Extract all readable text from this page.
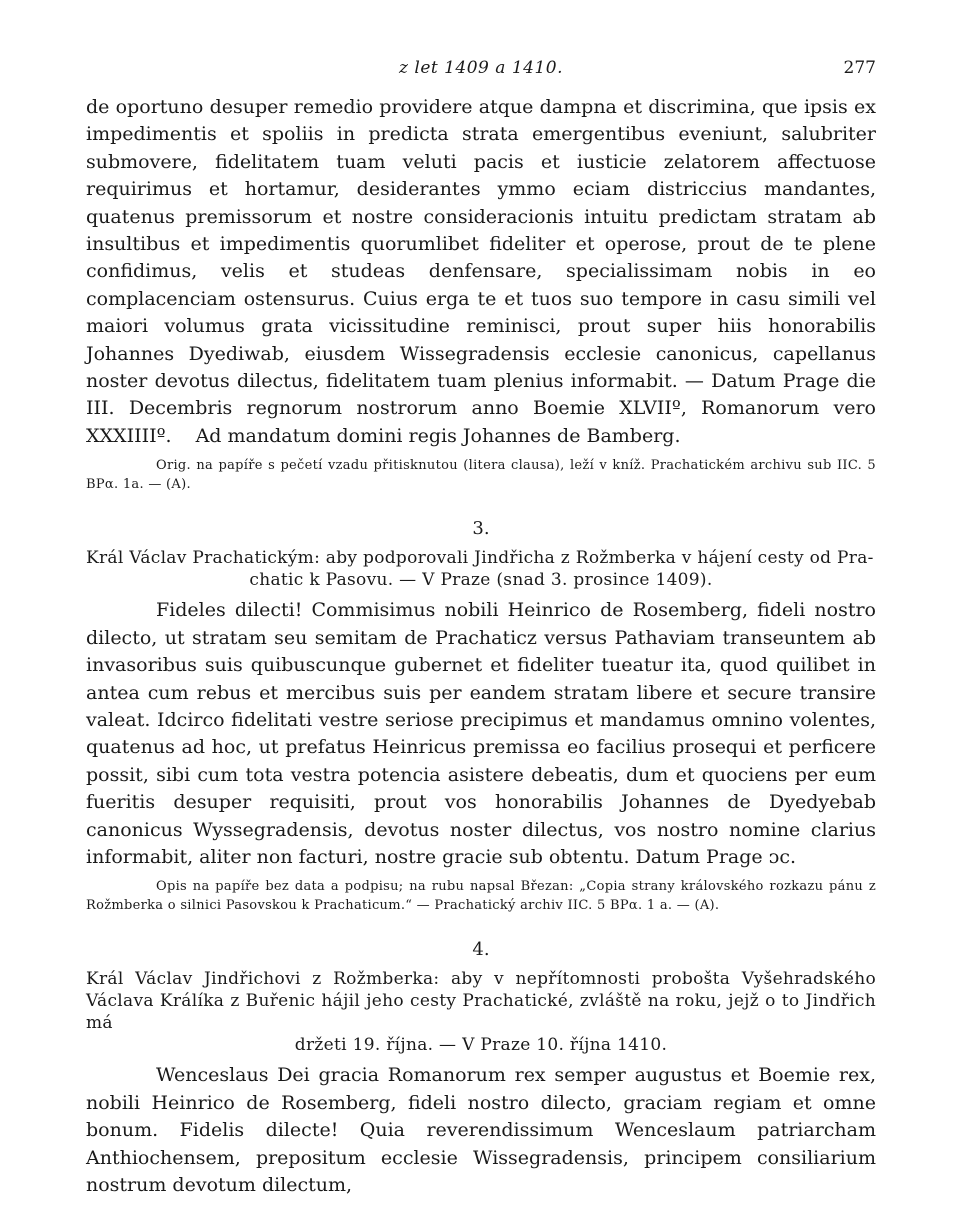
z let 1409 a 1410.	277

de oportuno desuper remedio providere atque dampna et discrimina, que ipsis ex impedimentis et spoliis in predicta strata emergentibus eveniunt, salubriter submovere, fidelitatem tuam veluti pacis et iusticie zelatorem affectuose requirimus et hortamur, desiderantes ymmo eciam districcius mandantes, quatenus premissorum et nostre consideracionis intuitu predictam stratam ab insultibus et impedimentis quorumlibet fideliter et operose, prout de te plene confidimus, velis et studeas denfensare, specialissimam nobis in eo complacenciam ostensurus. Cuius erga te et tuos suo tempore in casu simili vel maiori volumus grata vicissitudine reminisci, prout super hiis honorabilis Johannes Dyediwab, eiusdem Wissegradensis ecclesie canonicus, capellanus noster devotus dilectus, fidelitatem tuam plenius informabit. — Datum Prage die III. Decembris regnorum nostrorum anno Boemie XLVIIº, Romanorum vero XXXIIIIº. Ad mandatum domini regis Johannes de Bamberg.

Orig. na papíře s pečetí vzadu přitisknutou (litera clausa), leží v kníž. Prachatickém archivu sub IIC. 5 BPα. 1a. — (A).

3.

Král Václav Prachatickým: aby podporovali Jindřicha z Rožmberka v hájení cesty od Pra-
chatic k Pasovu. — V Praze (snad 3. prosince 1409).

Fideles dilecti! Commisimus nobili Heinrico de Rosemberg, fideli nostro dilecto, ut stratam seu semitam de Prachaticz versus Pathaviam transeuntem ab invasoribus suis quibuscunque gubernet et fideliter tueatur ita, quod quilibet in antea cum rebus et mercibus suis per eandem stratam libere et secure transire valeat. Idcirco fidelitati vestre seriose precipimus et mandamus omnino volentes, quatenus ad hoc, ut prefatus Heinricus premissa eo facilius prosequi et perficere possit, sibi cum tota vestra potencia asistere debeatis, dum et quociens per eum fueritis desuper requisiti, prout vos honorabilis Johannes de Dyedyebab canonicus Wyssegradensis, devotus noster dilectus, vos nostro nomine clarius informabit, aliter non facturi, nostre gracie sub obtentu. Datum Prage ᴐc.

Opis na papíře bez data a podpisu; na rubu napsal Březan: „Copia strany královského rozkazu pánu z Rožmberka o silnici Pasovskou k Prachaticum.“ — Prachatický archiv IIC. 5 BPα. 1 a. — (A).

4.

Král Václav Jindřichovi z Rožmberka: aby v nepřítomnosti probošta Vyšehradského Václava Králíka z Buřenic hájil jeho cesty Prachatické, zvláště na roku, jejž o to Jindřich má
držeti 19. října. — V Praze 10. října 1410.

Wenceslaus Dei gracia Romanorum rex semper augustus et Boemie rex, nobili Heinrico de Rosemberg, fideli nostro dilecto, graciam regiam et omne bonum. Fidelis dilecte! Quia reverendissimum Wenceslaum patriarcham Anthiochensem, prepositum ecclesie Wissegradensis, principem consiliarium nostrum devotum dilectum,
